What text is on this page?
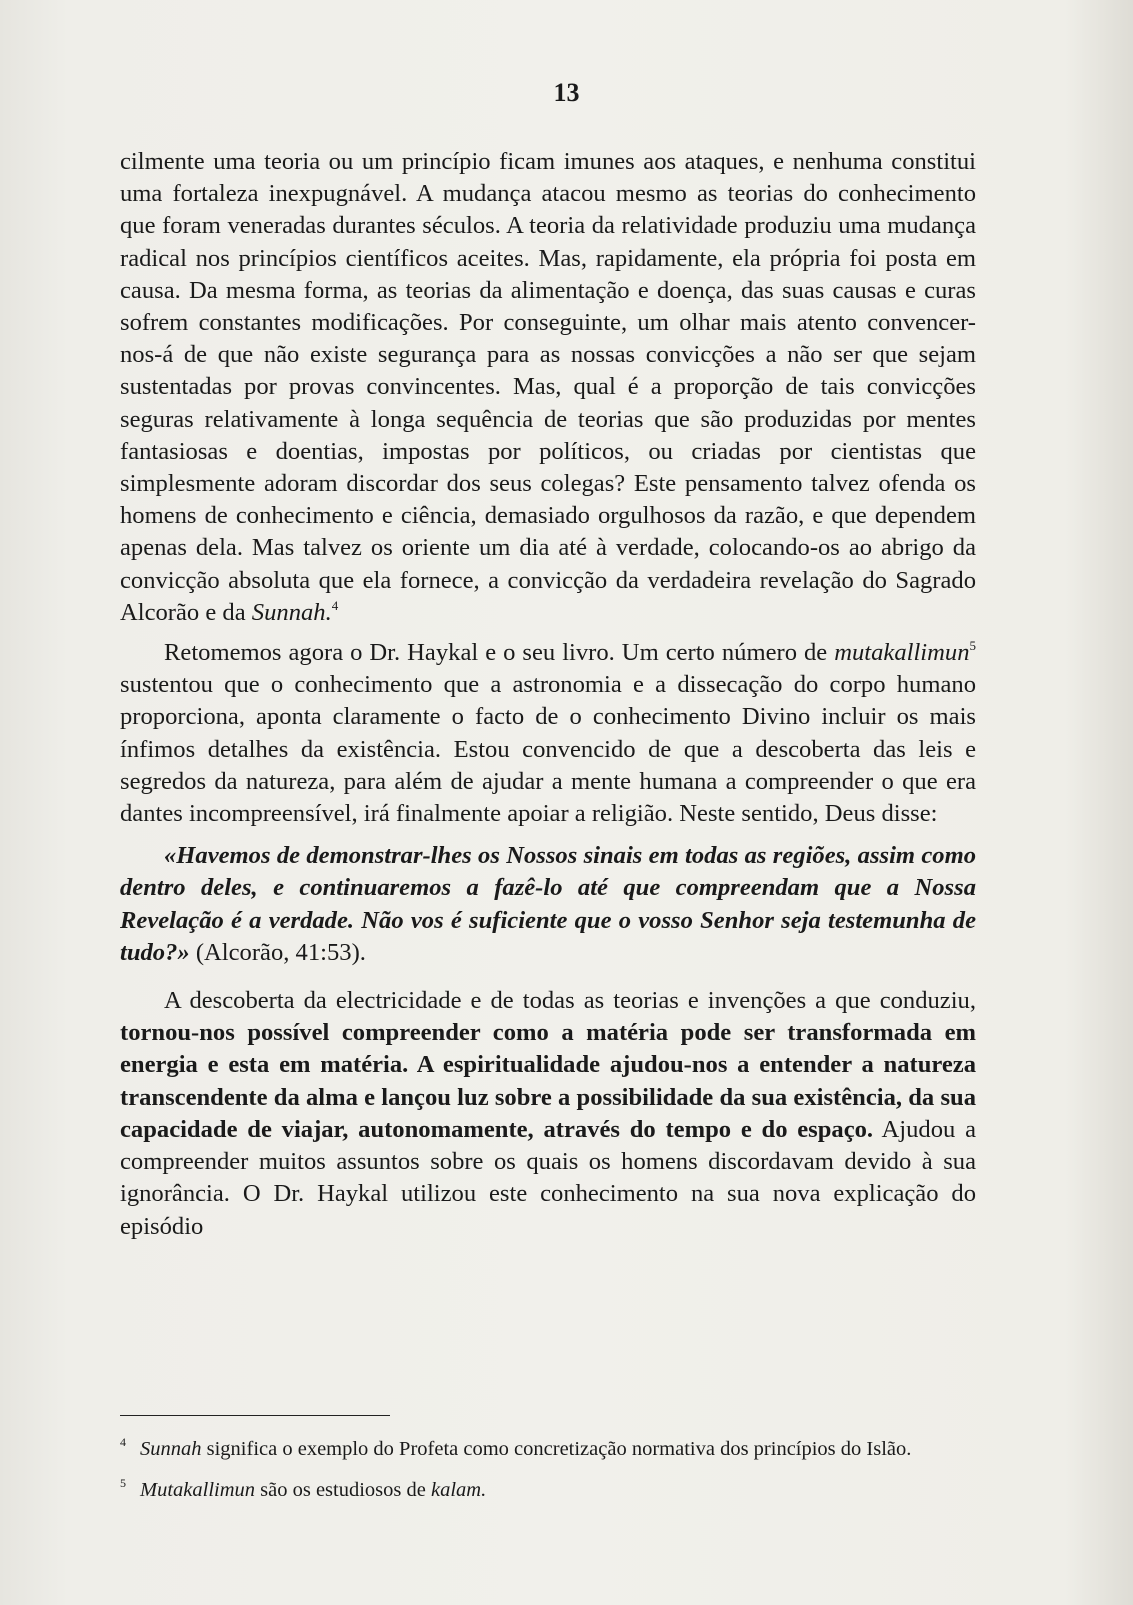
13

cilmente uma teoria ou um princípio ficam imunes aos ataques, e nenhuma constitui uma fortaleza inexpugnável. A mudança atacou mesmo as teorias do conhecimento que foram veneradas durantes séculos. A teoria da relatividade produziu uma mudança radical nos princípios científicos aceites. Mas, rapidamente, ela própria foi posta em causa. Da mesma forma, as teorias da alimentação e doença, das suas causas e curas sofrem constantes modificações. Por conseguinte, um olhar mais atento convencer-nos-á de que não existe segurança para as nossas convicções a não ser que sejam sustentadas por provas convincentes. Mas, qual é a proporção de tais convicções seguras relativamente à longa sequência de teorias que são produzidas por mentes fantasiosas e doentias, impostas por políticos, ou criadas por cientistas que simplesmente adoram discordar dos seus colegas? Este pensamento talvez ofenda os homens de conhecimento e ciência, demasiado orgulhosos da razão, e que dependem apenas dela. Mas talvez os oriente um dia até à verdade, colocando-os ao abrigo da convicção absoluta que ela fornece, a convicção da verdadeira revelação do Sagrado Alcorão e da Sunnah.$^4$

Retomemos agora o Dr. Haykal e o seu livro. Um certo número de mutakallimun$^5$ sustentou que o conhecimento que a astronomia e a dissecação do corpo humano proporciona, aponta claramente o facto de o conhecimento Divino incluir os mais ínfimos detalhes da existência. Estou convencido de que a descoberta das leis e segredos da natureza, para além de ajudar a mente humana a compreender o que era dantes incompreensível, irá finalmente apoiar a religião. Neste sentido, Deus disse:

«Havemos de demonstrar-lhes os Nossos sinais em todas as regiões, assim como dentro deles, e continuaremos a fazê-lo até que compreendam que a Nossa Revelação é a verdade. Não vos é suficiente que o vosso Senhor seja testemunha de tudo?» (Alcorão, 41:53).

A descoberta da electricidade e de todas as teorias e invenções a que conduziu, tornou-nos possível compreender como a matéria pode ser transformada em energia e esta em matéria. A espiritualidade ajudou-nos a entender a natureza transcendente da alma e lançou luz sobre a possibilidade da sua existência, da sua capacidade de viajar, autonomamente, através do tempo e do espaço. Ajudou a compreender muitos assuntos sobre os quais os homens discordavam devido à sua ignorância. O Dr. Haykal utilizou este conhecimento na sua nova explicação do episódio

$^4$ Sunnah significa o exemplo do Profeta como concretização normativa dos princípios do Islão.

$^5$ Mutakallimun são os estudiosos de kalam.
